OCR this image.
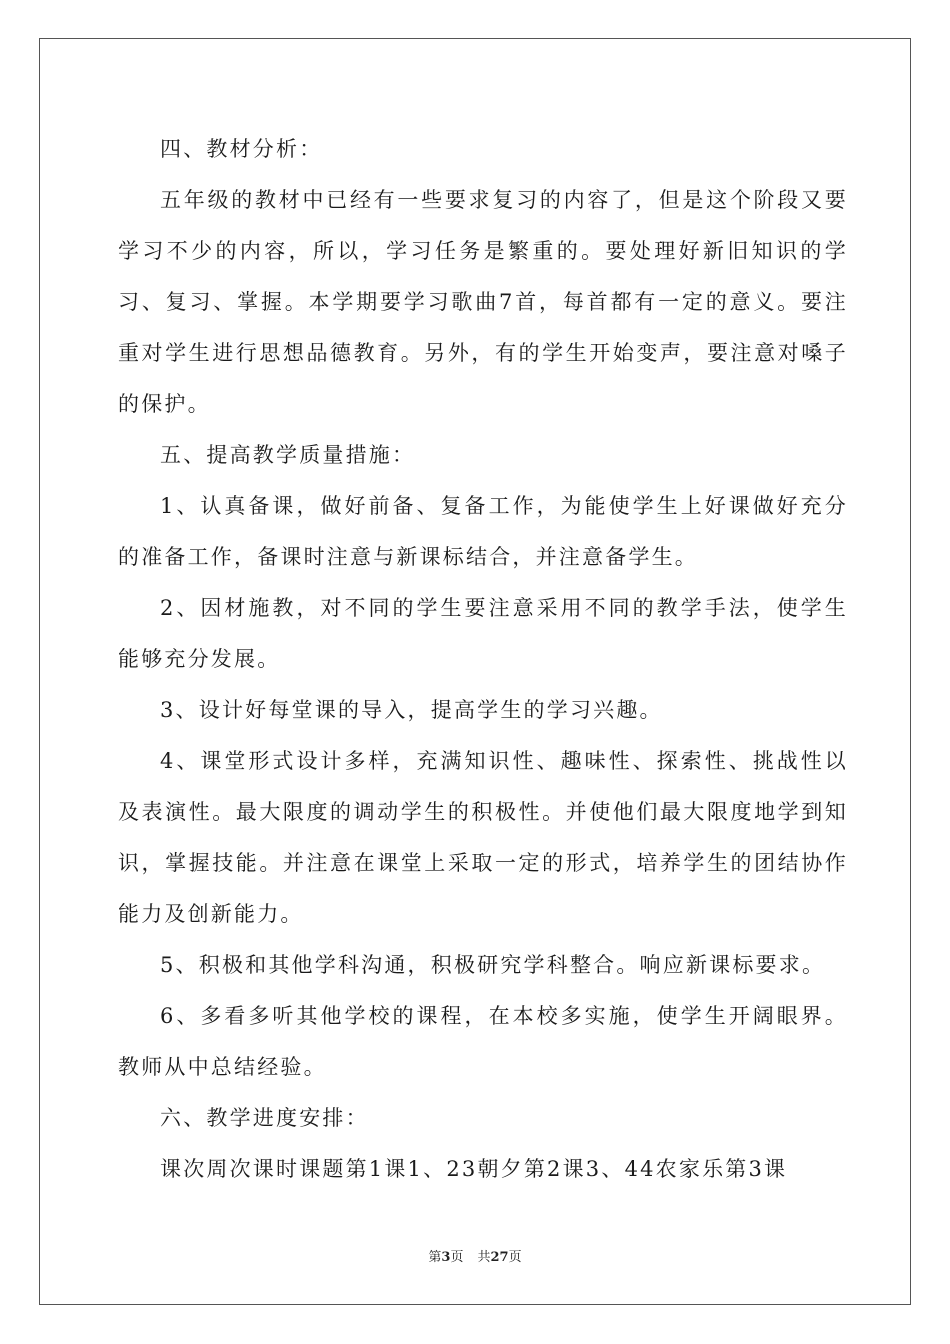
四、教材分析：

五年级的教材中已经有一些要求复习的内容了，但是这个阶段又要学习不少的内容，所以，学习任务是繁重的。要处理好新旧知识的学习、复习、掌握。本学期要学习歌曲7首，每首都有一定的意义。要注重对学生进行思想品德教育。另外，有的学生开始变声，要注意对嗓子的保护。

五、提高教学质量措施：

1、认真备课，做好前备、复备工作，为能使学生上好课做好充分的准备工作，备课时注意与新课标结合，并注意备学生。

2、因材施教，对不同的学生要注意采用不同的教学手法，使学生能够充分发展。

3、设计好每堂课的导入，提高学生的学习兴趣。

4、课堂形式设计多样，充满知识性、趣味性、探索性、挑战性以及表演性。最大限度的调动学生的积极性。并使他们最大限度地学到知识，掌握技能。并注意在课堂上采取一定的形式，培养学生的团结协作能力及创新能力。

5、积极和其他学科沟通，积极研究学科整合。响应新课标要求。

6、多看多听其他学校的课程，在本校多实施，使学生开阔眼界。教师从中总结经验。

六、教学进度安排：

课次周次课时课题第1课1、23朝夕第2课3、44农家乐第3课

第3页 共27页
